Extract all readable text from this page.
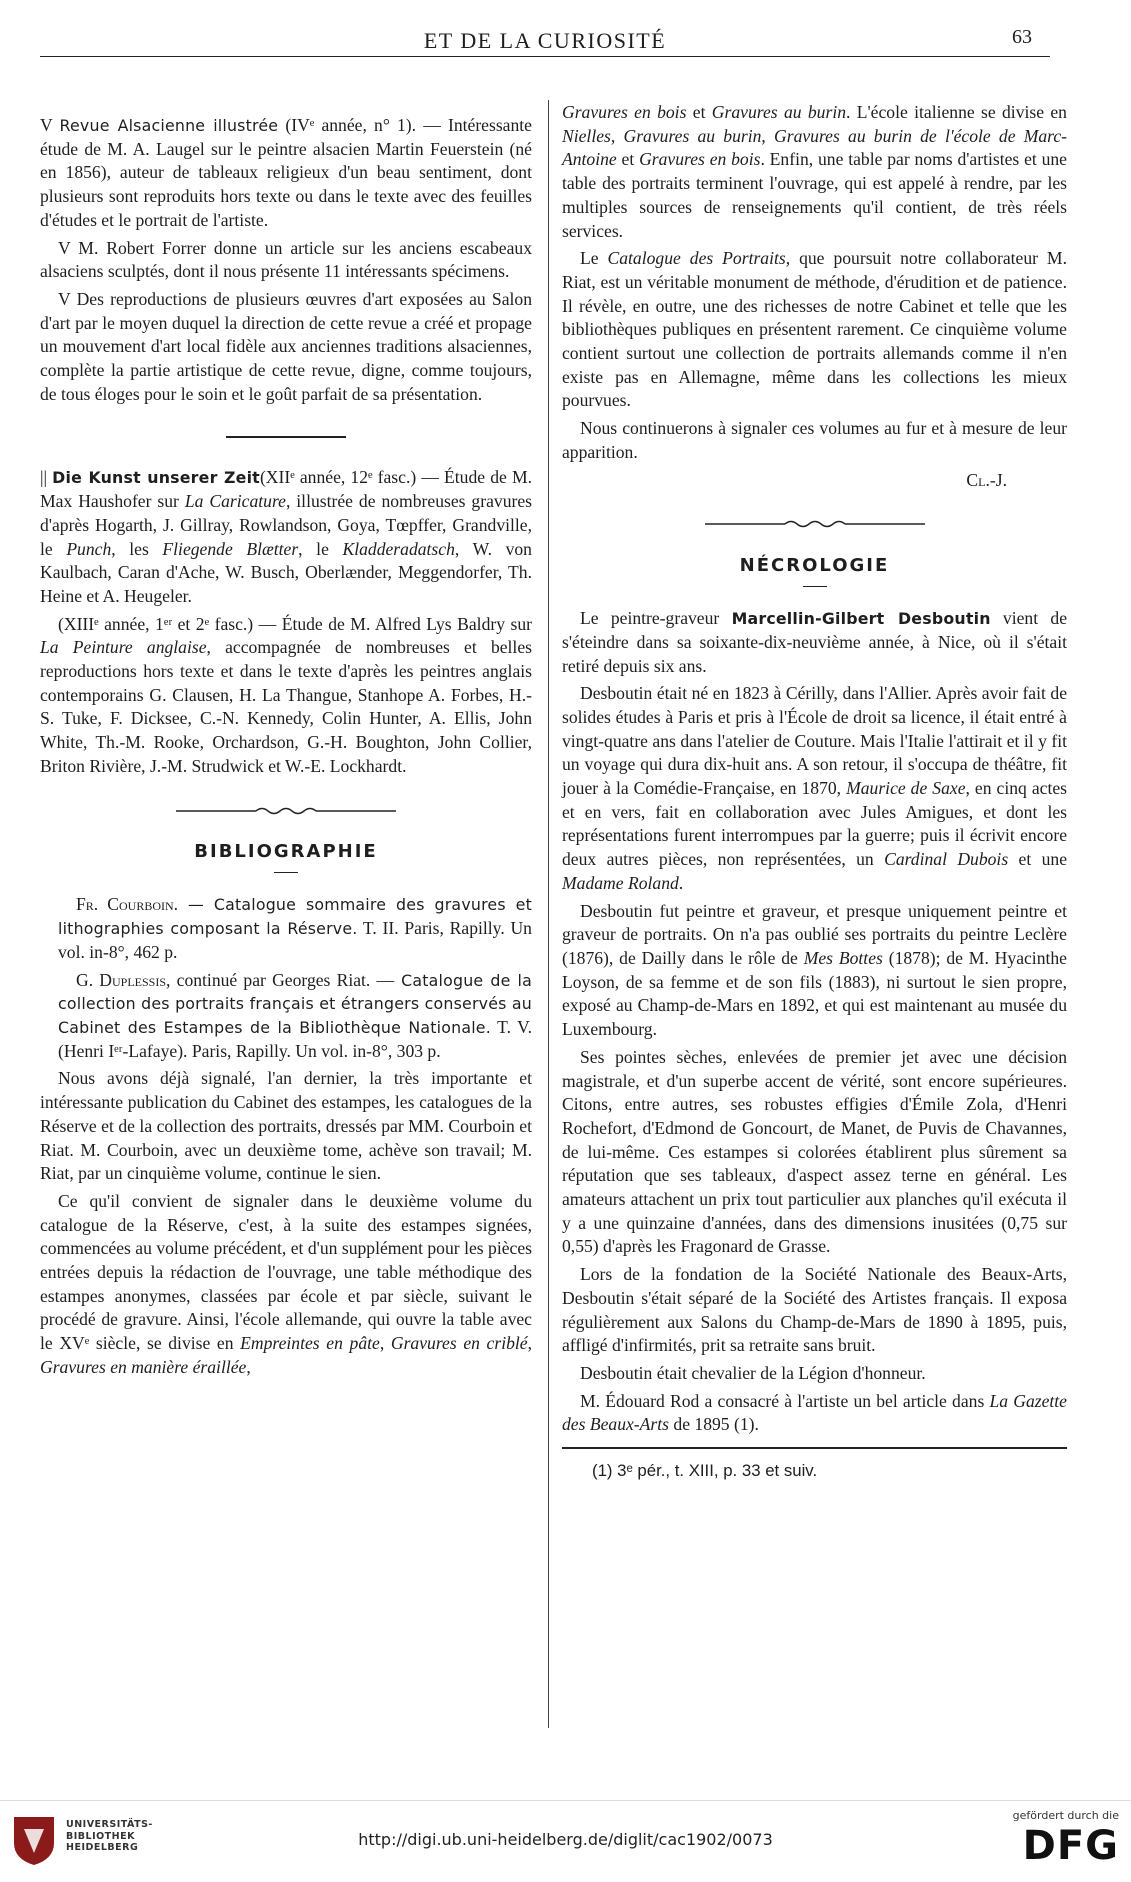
ET DE LA CURIOSITÉ	63

V Revue Alsacienne illustrée (IVᵉ année, n° 1). — Intéressante étude de M. A. Laugel sur le peintre alsacien Martin Feuerstein (né en 1856), auteur de tableaux religieux d'un beau sentiment, dont plusieurs sont reproduits hors texte ou dans le texte avec des feuilles d'études et le portrait de l'artiste.

V M. Robert Forrer donne un article sur les anciens escabeaux alsaciens sculptés, dont il nous présente 11 intéressants spécimens.

V Des reproductions de plusieurs œuvres d'art exposées au Salon d'art par le moyen duquel la direction de cette revue a créé et propage un mouvement d'art local fidèle aux anciennes traditions alsaciennes, complète la partie artistique de cette revue, digne, comme toujours, de tous éloges pour le soin et le goût parfait de sa présentation.

|| Die Kunst unserer Zeit(XIIᵉ année, 12ᵉ fasc.) — Étude de M. Max Haushofer sur La Caricature, illustrée de nombreuses gravures d'après Hogarth, J. Gillray, Rowlandson, Goya, Tœpffer, Grandville, le Punch, les Fliegende Blætter, le Kladderadatsch, W. von Kaulbach, Caran d'Ache, W. Busch, Oberlænder, Meggendorfer, Th. Heine et A. Heugeler.

(XIIIᵉ année, 1ᵉʳ et 2ᵉ fasc.) — Étude de M. Alfred Lys Baldry sur La Peinture anglaise, accompagnée de nombreuses et belles reproductions hors texte et dans le texte d'après les peintres anglais contemporains G. Clausen, H. La Thangue, Stanhope A. Forbes, H.-S. Tuke, F. Dicksee, C.-N. Kennedy, Colin Hunter, A. Ellis, John White, Th.-M. Rooke, Orchardson, G.-H. Boughton, John Collier, Briton Rivière, J.-M. Strudwick et W.-E. Lockhardt.

BIBLIOGRAPHIE

Fr. Courboin. — Catalogue sommaire des gravures et lithographies composant la Réserve. T. II. Paris, Rapilly. Un vol. in-8°, 462 p.

G. Duplessis, continué par Georges Riat. — Catalogue de la collection des portraits français et étrangers conservés au Cabinet des Estampes de la Bibliothèque Nationale. T. V. (Henri Iᵉʳ-Lafaye). Paris, Rapilly. Un vol. in-8°, 303 p.

Nous avons déjà signalé, l'an dernier, la très importante et intéressante publication du Cabinet des estampes, les catalogues de la Réserve et de la collection des portraits, dressés par MM. Courboin et Riat. M. Courboin, avec un deuxième tome, achève son travail; M. Riat, par un cinquième volume, continue le sien.

Ce qu'il convient de signaler dans le deuxième volume du catalogue de la Réserve, c'est, à la suite des estampes signées, commencées au volume précédent, et d'un supplément pour les pièces entrées depuis la rédaction de l'ouvrage, une table méthodique des estampes anonymes, classées par école et par siècle, suivant le procédé de gravure. Ainsi, l'école allemande, qui ouvre la table avec le XVᵉ siècle, se divise en Empreintes en pâte, Gravures en criblé, Gravures en manière éraillée,

Gravures en bois et Gravures au burin. L'école italienne se divise en Nielles, Gravures au burin, Gravures au burin de l'école de Marc-Antoine et Gravures en bois. Enfin, une table par noms d'artistes et une table des portraits terminent l'ouvrage, qui est appelé à rendre, par les multiples sources de renseignements qu'il contient, de très réels services.

Le Catalogue des Portraits, que poursuit notre collaborateur M. Riat, est un véritable monument de méthode, d'érudition et de patience. Il révèle, en outre, une des richesses de notre Cabinet et telle que les bibliothèques publiques en présentent rarement. Ce cinquième volume contient surtout une collection de portraits allemands comme il n'en existe pas en Allemagne, même dans les collections les mieux pourvues.

Nous continuerons à signaler ces volumes au fur et à mesure de leur apparition.

Cl.-J.
NÉCROLOGIE

Le peintre-graveur Marcellin-Gilbert Desboutin vient de s'éteindre dans sa soixante-dix-neuvième année, à Nice, où il s'était retiré depuis six ans.

Desboutin était né en 1823 à Cérilly, dans l'Allier. Après avoir fait de solides études à Paris et pris à l'École de droit sa licence, il était entré à vingt-quatre ans dans l'atelier de Couture. Mais l'Italie l'attirait et il y fit un voyage qui dura dix-huit ans. A son retour, il s'occupa de théâtre, fit jouer à la Comédie-Française, en 1870, Maurice de Saxe, en cinq actes et en vers, fait en collaboration avec Jules Amigues, et dont les représentations furent interrompues par la guerre; puis il écrivit encore deux autres pièces, non représentées, un Cardinal Dubois et une Madame Roland.

Desboutin fut peintre et graveur, et presque uniquement peintre et graveur de portraits. On n'a pas oublié ses portraits du peintre Leclère (1876), de Dailly dans le rôle de Mes Bottes (1878); de M. Hyacinthe Loyson, de sa femme et de son fils (1883), ni surtout le sien propre, exposé au Champ-de-Mars en 1892, et qui est maintenant au musée du Luxembourg.

Ses pointes sèches, enlevées de premier jet avec une décision magistrale, et d'un superbe accent de vérité, sont encore supérieures. Citons, entre autres, ses robustes effigies d'Émile Zola, d'Henri Rochefort, d'Edmond de Goncourt, de Manet, de Puvis de Chavannes, de lui-même. Ces estampes si colorées établirent plus sûrement sa réputation que ses tableaux, d'aspect assez terne en général. Les amateurs attachent un prix tout particulier aux planches qu'il exécuta il y a une quinzaine d'années, dans des dimensions inusitées (0,75 sur 0,55) d'après les Fragonard de Grasse.

Lors de la fondation de la Société Nationale des Beaux-Arts, Desboutin s'était séparé de la Société des Artistes français. Il exposa régulièrement aux Salons du Champ-de-Mars de 1890 à 1895, puis, affligé d'infirmités, prit sa retraite sans bruit.

Desboutin était chevalier de la Légion d'honneur.

M. Édouard Rod a consacré à l'artiste un bel article dans La Gazette des Beaux-Arts de 1895 (1).

(1) 3ᵉ pér., t. XIII, p. 33 et suiv.
UNIVERSITÄTS-
BIBLIOTHEK
HEIDELBERG	http://digi.ub.uni-heidelberg.de/diglit/cac1902/0073
gefördert durch die
DFG
